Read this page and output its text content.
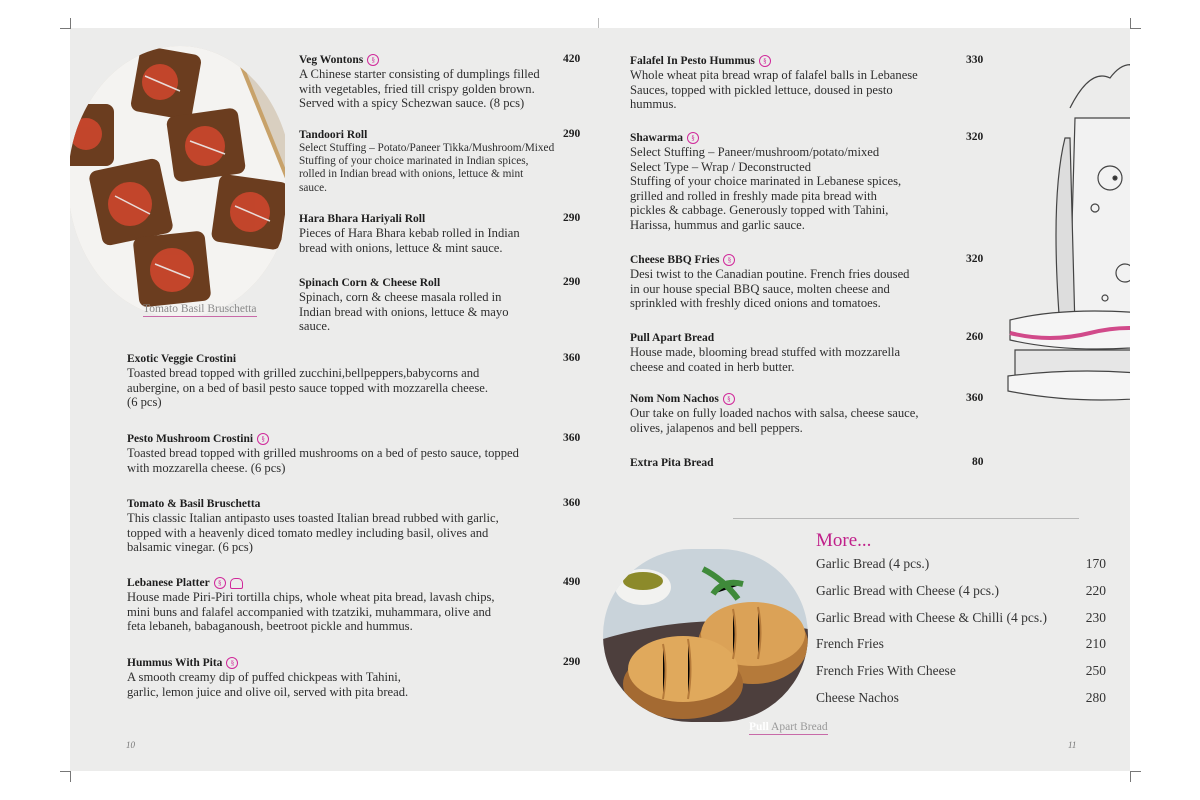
Tomato Basil Bruschetta
Veg Wontons	§
A Chinese starter consisting of dumplings filled
with vegetables, fried till crispy golden brown.
Served with a spicy Schezwan sauce. (8 pcs)
420
Tandoori Roll
Select Stuffing – Potato/Paneer Tikka/Mushroom/Mixed
Stuffing of your choice marinated in Indian spices,
rolled in Indian bread with onions, lettuce & mint
sauce.
290
Hara Bhara Hariyali Roll
Pieces of Hara Bhara kebab rolled in Indian
bread with onions, lettuce & mint sauce.
290
Spinach Corn & Cheese Roll
Spinach, corn & cheese masala rolled in
Indian bread with onions, lettuce & mayo
sauce.
290
Exotic Veggie Crostini
Toasted bread topped with grilled zucchini,bellpeppers,babycorns and
aubergine, on a bed of basil pesto sauce topped with mozzarella cheese.
(6 pcs)
360
Pesto Mushroom Crostini	§
Toasted bread topped with grilled mushrooms on a bed of pesto sauce, topped
with mozzarella cheese. (6 pcs)
360
Tomato & Basil Bruschetta
This classic Italian antipasto uses toasted Italian bread rubbed with garlic,
topped with a heavenly diced tomato medley including basil, olives and
balsamic vinegar. (6 pcs)
360
Lebanese Platter	§
House made Piri-Piri tortilla chips, whole wheat pita bread, lavash chips,
mini buns and falafel accompanied with tzatziki, muhammara, olive and
feta lebaneh, babaganoush, beetroot pickle and hummus.
490
Hummus With Pita	§
A smooth creamy dip of puffed chickpeas with Tahini,
garlic, lemon juice and olive oil, served with pita bread.
290
Falafel In Pesto Hummus	§
Whole wheat pita bread wrap of falafel balls in Lebanese
Sauces, topped with pickled lettuce, doused in pesto
hummus.
330
Shawarma	§
Select Stuffing – Paneer/mushroom/potato/mixed
Select Type – Wrap / Deconstructed
Stuffing of your choice marinated in Lebanese spices,
grilled and rolled in freshly made pita bread with
pickles & cabbage. Generously topped with Tahini,
Harissa, hummus and garlic sauce.
320
Cheese BBQ Fries	§
Desi twist to the Canadian poutine. French fries doused
in our house special BBQ sauce, molten cheese and
sprinkled with freshly diced onions and tomatoes.
320
Pull Apart Bread
House made, blooming bread stuffed with mozzarella
cheese and coated in herb butter.
260
Nom Nom Nachos	§
Our take on fully loaded nachos with salsa, cheese sauce,
olives, jalapenos and bell peppers.
360
Extra Pita Bread	80
Pull Apart Bread
More...
Garlic Bread (4 pcs.)	170
Garlic Bread with Cheese (4 pcs.)	220
Garlic Bread with Cheese & Chilli (4 pcs.)	230
French Fries	210
French Fries With Cheese	250
Cheese Nachos	280
10	11
